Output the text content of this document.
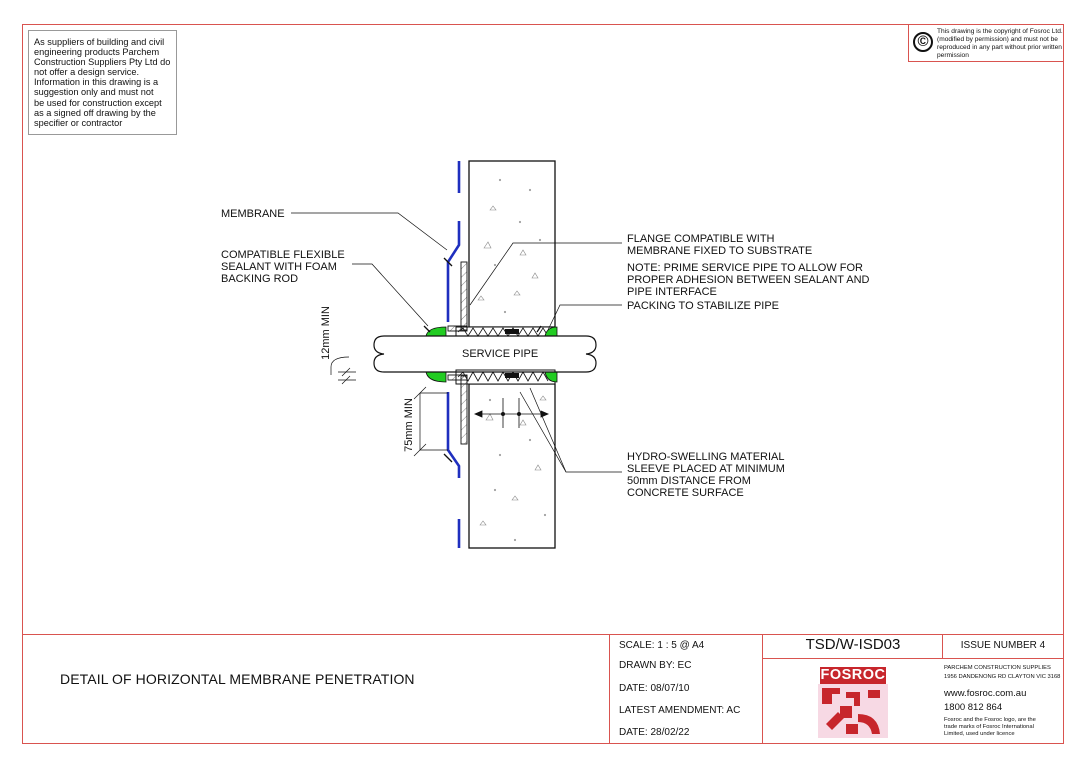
As suppliers of building and civil

engineering products Parchem

Construction Suppliers Pty Ltd do

not offer a design service.

Information in this drawing is a

suggestion only and must not

be used for construction except

as a signed off drawing by the

specifier or contractor

©
This drawing is the copyright of Fosroc Ltd. (modified by permission) and must not be reproduced in any part without prior written permission
MEMBRANE
COMPATIBLE FLEXIBLE
SEALANT WITH FOAM
BACKING ROD
FLANGE COMPATIBLE WITH
MEMBRANE FIXED TO SUBSTRATE
NOTE: PRIME SERVICE PIPE TO ALLOW FOR
PROPER ADHESION BETWEEN SEALANT AND
PIPE INTERFACE
PACKING TO STABILIZE PIPE
SERVICE PIPE
HYDRO-SWELLING MATERIAL
SLEEVE PLACED AT MINIMUM
50mm DISTANCE FROM
CONCRETE SURFACE
12mm MIN
75mm MIN
DETAIL OF HORIZONTAL MEMBRANE PENETRATION
SCALE: 1 : 5 @ A4
DRAWN BY: EC
DATE: 08/07/10
LATEST AMENDMENT: AC
DATE: 28/02/22
TSD/W-ISD03	ISSUE NUMBER 4
FOSROC	PARCHEM CONSTRUCTION SUPPLIES
1956 DANDENONG RD CLAYTON VIC 3168
www.fosroc.com.au
1800 812 864
Fosroc and the Fosroc logo, are the trade marks of Fosroc International Limited, used under licence
